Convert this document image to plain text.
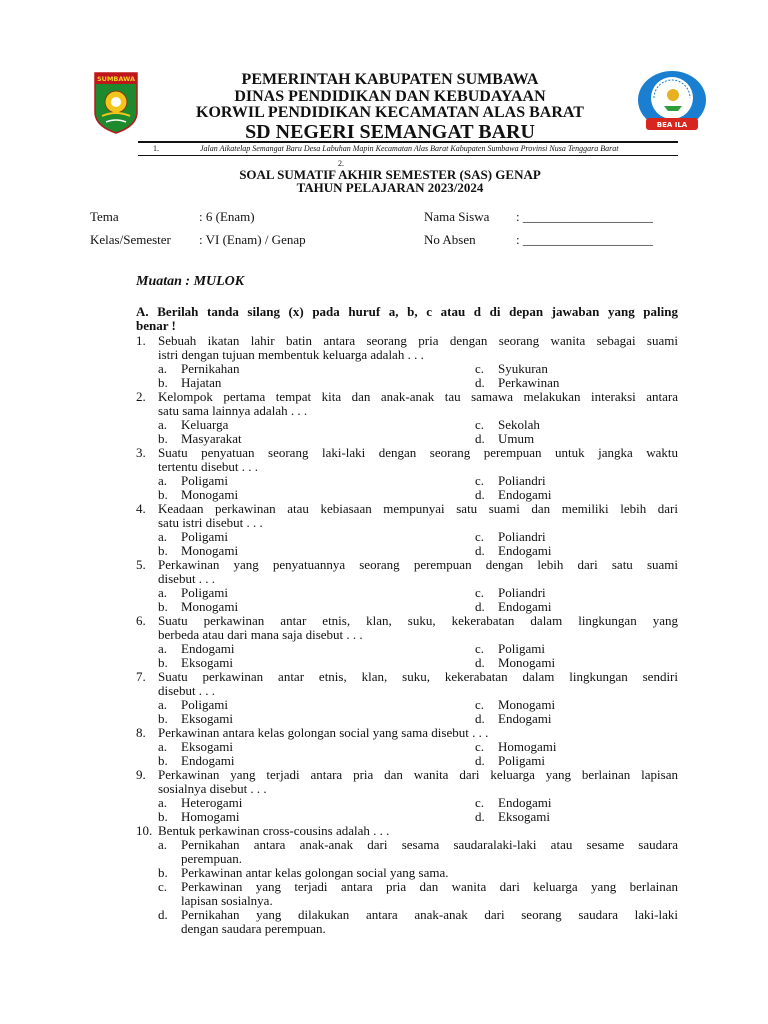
SUMBAWA	PEMERINTAH KABUPATEN SUMBAWA
DINAS PENDIDIKAN DAN KEBUDAYAAN
KORWIL PENDIDIKAN KECAMATAN ALAS BARAT
SD NEGERI SEMANGAT BARU	BEA ILA
1.	Jalan Aikatelap Semangat Baru Desa Labuhan Mapin Kecamatan Alas Barat Kabupaten Sumbawa Provinsi Nusa Tenggara Barat
2.
SOAL SUMATIF AKHIR SEMESTER (SAS) GENAP
TAHUN PELAJARAN 2023/2024
Tema	: 6 (Enam)	Nama Siswa : ____________________
Kelas/Semester : VI (Enam) / Genap	No Absen	: ____________________
Muatan : MULOK
A. Berilah tanda silang (x) pada huruf a, b, c atau d di depan jawaban yang paling
benar !
1. Sebuah ikatan lahir batin antara seorang pria dengan seorang wanita sebagai suami
istri dengan tujuan membentuk keluarga adalah . . .
a. Pernikahan
b. Hajatan
c. Syukuran
d. Perkawinan
2. Kelompok pertama tempat kita dan anak-anak tau samawa melakukan interaksi antara
satu sama lainnya adalah . . .
a. Keluarga
b. Masyarakat
c. Sekolah
d. Umum
3. Suatu penyatuan seorang laki-laki dengan seorang perempuan untuk jangka waktu
tertentu disebut . . .
a. Poligami
b. Monogami
c. Poliandri
d. Endogami
4. Keadaan perkawinan atau kebiasaan mempunyai satu suami dan memiliki lebih dari
satu istri disebut . . .
a. Poligami
b. Monogami
c. Poliandri
d. Endogami
5. Perkawinan yang penyatuannya seorang perempuan dengan lebih dari satu suami
disebut . . .
a. Poligami
b. Monogami
c. Poliandri
d. Endogami
6. Suatu perkawinan antar etnis, klan, suku, kekerabatan dalam lingkungan yang
berbeda atau dari mana saja disebut . . .
a. Endogami
b. Eksogami
c. Poligami
d. Monogami
7. Suatu perkawinan antar etnis, klan, suku, kekerabatan dalam lingkungan sendiri
disebut . . .
a. Poligami
b. Eksogami
c. Monogami
d. Endogami
8. Perkawinan antara kelas golongan social yang sama disebut . . .
a. Eksogami
b. Endogami
c. Homogami
d. Poligami
9. Perkawinan yang terjadi antara pria dan wanita dari keluarga yang berlainan lapisan
sosialnya disebut . . .
a. Heterogami
b. Homogami
c. Endogami
d. Eksogami
10. Bentuk perkawinan cross-cousins adalah . . .
a. Pernikahan antara anak-anak dari sesama saudaralaki-laki atau sesame saudara
perempuan.
b. Perkawinan antar kelas golongan social yang sama.
c. Perkawinan yang terjadi antara pria dan wanita dari keluarga yang berlainan
lapisan sosialnya.
d. Pernikahan yang dilakukan antara anak-anak dari seorang saudara laki-laki
dengan saudara perempuan.
